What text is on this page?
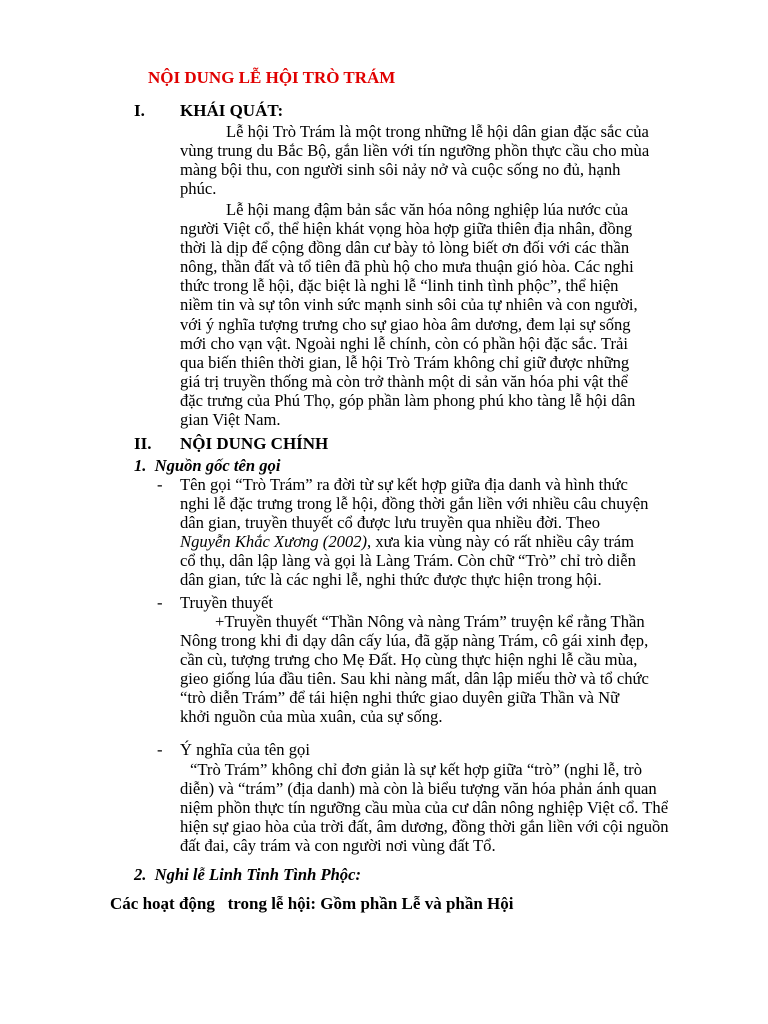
NỘI DUNG LỄ HỘI TRÒ TRÁM
I. KHÁI QUÁT:

Lễ hội Trò Trám là một trong những lễ hội dân gian đặc sắc của

vùng trung du Bắc Bộ, gắn liền với tín ngưỡng phồn thực cầu cho mùa

màng bội thu, con người sinh sôi nảy nở và cuộc sống no đủ, hạnh

phúc.

Lễ hội mang đậm bản sắc văn hóa nông nghiệp lúa nước của

người Việt cổ, thể hiện khát vọng hòa hợp giữa thiên địa nhân, đồng

thời là dịp để cộng đồng dân cư bày tỏ lòng biết ơn đối với các thần

nông, thần đất và tổ tiên đã phù hộ cho mưa thuận gió hòa. Các nghi

thức trong lễ hội, đặc biệt là nghi lễ “linh tinh tình phộc”, thể hiện

niềm tin và sự tôn vinh sức mạnh sinh sôi của tự nhiên và con người,

với ý nghĩa tượng trưng cho sự giao hòa âm dương, đem lại sự sống

mới cho vạn vật. Ngoài nghi lễ chính, còn có phần hội đặc sắc. Trải

qua biến thiên thời gian, lễ hội Trò Trám không chỉ giữ được những

giá trị truyền thống mà còn trở thành một di sản văn hóa phi vật thể

đặc trưng của Phú Thọ, góp phần làm phong phú kho tàng lễ hội dân

gian Việt Nam.

II. NỘI DUNG CHÍNH
1. Nguồn gốc tên gọi
- Tên gọi “Trò Trám” ra đời từ sự kết hợp giữa địa danh và hình thức

nghi lễ đặc trưng trong lễ hội, đồng thời gắn liền với nhiều câu chuyện

dân gian, truyền thuyết cổ được lưu truyền qua nhiều đời. Theo

Nguyễn Khắc Xương (2002), xưa kia vùng này có rất nhiều cây trám

cổ thụ, dân lập làng và gọi là Làng Trám. Còn chữ “Trò” chỉ trò diễn

dân gian, tức là các nghi lễ, nghi thức được thực hiện trong hội.

- Truyền thuyết

+Truyền thuyết “Thần Nông và nàng Trám” truyện kể rằng Thần

Nông trong khi đi dạy dân cấy lúa, đã gặp nàng Trám, cô gái xinh đẹp,

cần cù, tượng trưng cho Mẹ Đất. Họ cùng thực hiện nghi lễ cầu mùa,

gieo giống lúa đầu tiên. Sau khi nàng mất, dân lập miếu thờ và tổ chức

“trò diễn Trám” để tái hiện nghi thức giao duyên giữa Thần và Nữ

khởi nguồn của mùa xuân, của sự sống.

- Ý nghĩa của tên gọi

“Trò Trám” không chỉ đơn giản là sự kết hợp giữa “trò” (nghi lễ, trò

diễn) và “trám” (địa danh) mà còn là biểu tượng văn hóa phản ánh quan

niệm phồn thực tín ngưỡng cầu mùa của cư dân nông nghiệp Việt cổ. Thể

hiện sự giao hòa của trời đất, âm dương, đồng thời gắn liền với cội nguồn

đất đai, cây trám và con người nơi vùng đất Tổ.

2. Nghi lễ Linh Tinh Tình Phộc:
Các hoạt động   trong lễ hội: Gồm phần Lễ và phần Hội
